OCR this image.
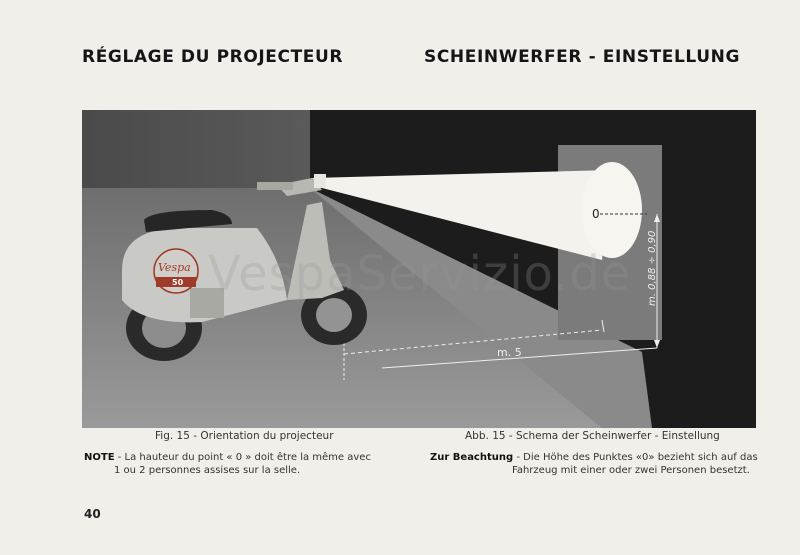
RÉGLAGE DU PROJECTEUR	SCHEINWERFER - EINSTELLUNG
Vespa
50
0
m. 0,88 ÷ 0,90
m. 5
VespaServizio.de
Fig. 15 - Orientation du projecteur	Abb. 15 - Schema der Scheinwerfer - Einstellung
NOTE - La hauteur du point « 0 » doit être la même avec
1 ou 2 personnes assises sur la selle.
Zur Beachtung - Die Höhe des Punktes «0» bezieht sich auf das
Fahrzeug mit einer oder zwei Personen besetzt.
40
